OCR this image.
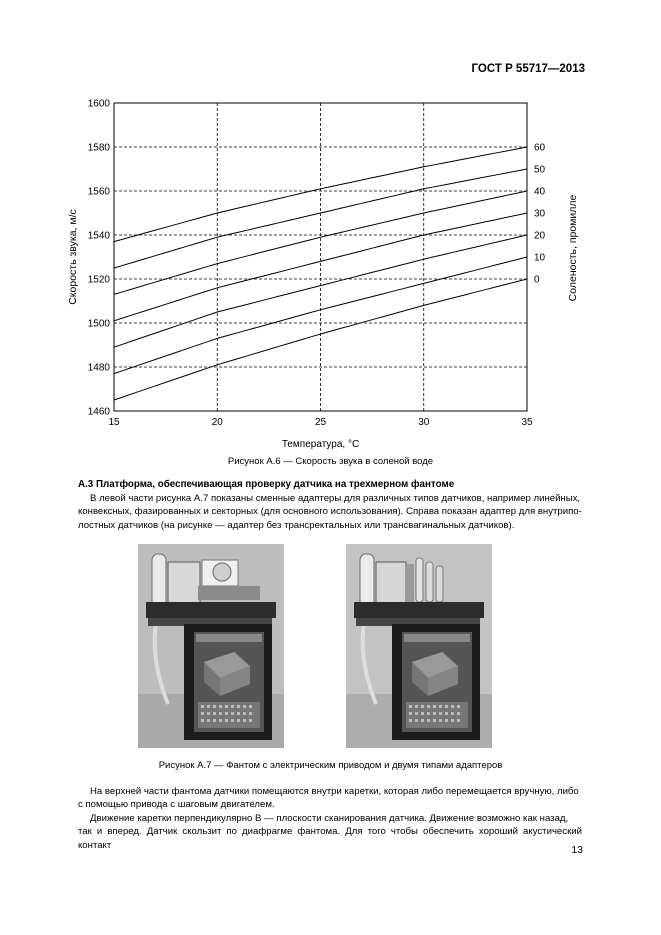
ГОСТ Р 55717—2013
15	20	25	30	35
1460
1480
1500
1520
1540
1560
1580
1600
60
50
40
30
20
10
0
Температура, °С
Скорость звука, м/с	Соленость, промилле
Рисунок А.6 — Скорость звука в соленой воде
А.3 Платформа, обеспечивающая проверку датчика на трехмерном фантоме

В левой части рисунка А.7 показаны сменные адаптеры для различных типов датчиков, например линейных,
конвексных, фазированных и секторных (для основного использования). Справа показан адаптер для внутрипо-
лостных датчиков (на рисунке — адаптер без трансректальных или трансвагинальных датчиков).

Рисунок А.7 — Фантом с электрическим приводом и двумя типами адаптеров

На верхней части фантома датчики помещаются внутри каретки, которая либо перемещается вручную, либо
с помощью привода с шаговым двигателем.

Движение каретки перпендикулярно B — плоскости сканирования датчика. Движение возможно как назад,
так и вперед. Датчик скользит по диафрагме фантома. Для того чтобы обеспечить хороший акустический контакт	13
